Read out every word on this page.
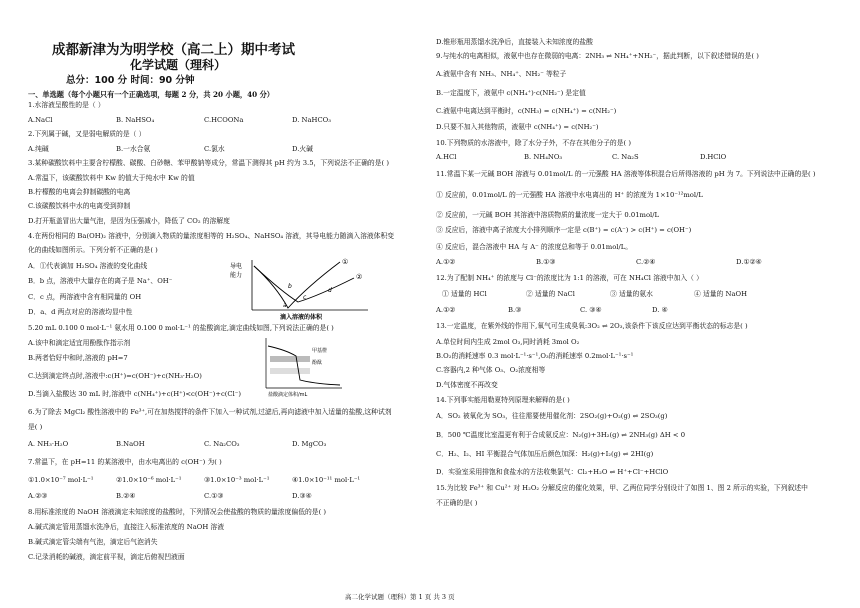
成都新津为为明学校（高二上）期中考试
化学试题（理科）
总分：100 分 时间：90 分钟
一、单选题（每个小题只有一个正确选项，每题 2 分，共 20 小题，40 分）
1.水溶液呈酸性的是（ ）
A.NaCl	B. NaHSO₄	C.HCOONa	D. NaHCO₃
2.下列属于碱，又是弱电解质的是（ ）
A.纯碱	B.一水合氨	C.氯水	D.火碱
3.某种碳酸饮料中主要含柠檬酸、碳酸、白砂糖、苯甲酸钠等成分，常温下测得其 pH 约为 3.5，下列说法不正确的是( )
A.常温下，该碳酸饮料中 Kw 的值大于纯水中 Kw 的值
B.柠檬酸的电离会抑制碳酸的电离
C.该碳酸饮料中水的电离受到抑制
D.打开瓶盖冒出大量气泡，是因为压强减小，降低了 CO₂ 的溶解度
4.在两份相同的 Ba(OH)₂ 溶液中，分别滴入物质的量浓度相等的 H₂SO₄、NaHSO₄ 溶液，其导电能力随滴入溶液体积变
化的曲线如图所示。下列分析不正确的是( )
A．①代表滴加 H₂SO₄ 溶液的变化曲线
B．b 点，溶液中大量存在的离子是 Na⁺、OH⁻
C．c 点，两溶液中含有相同量的 OH
D．a、d 两点对应的溶液均显中性
导电
能力
①
②
a
b
c
d
滴入溶液的体积
5.20 mL 0.100 0 mol·L⁻¹ 氨水用 0.100 0 mol·L⁻¹ 的盐酸滴定,滴定曲线如图,下列说法正确的是( )
A.该中和滴定适宜用酚酞作指示剂
B.两者恰好中和时,溶液的 pH=7
C.达到滴定终点时,溶液中:c(H⁺)=c(OH⁻)+c(NH₃·H₂O)
D.当滴入盐酸达 30 mL 时,溶液中 c(NH₄⁺)+c(H⁺)<c(OH⁻)+c(Cl⁻)
甲基橙
酚酞
盐酸滴定体积/mL
6.为了除去 MgCl₂ 酸性溶液中的 Fe³⁺,可在加热搅拌的条件下加入一种试剂,过滤后,再向滤液中加入适量的盐酸,这种试剂
是( )
A. NH₃·H₂O	B.NaOH	C. Na₂CO₃	D. MgCO₃
7.常温下，在 pH=11 的某溶液中，由水电离出的 c(OH⁻) 为( )
①1.0×10⁻⁷ mol·L⁻¹	②1.0×10⁻⁶ mol·L⁻¹	③1.0×10⁻³ mol·L⁻¹	④1.0×10⁻¹¹ mol·L⁻¹
A.②③	B.②④	C.①③	D.③④
8.用标准浓度的 NaOH 溶液滴定未知浓度的盐酸时，下列情况会使盐酸的物质的量浓度偏低的是( )
A.碱式滴定管用蒸馏水洗净后，直接注入标准浓度的 NaOH 溶液
B.碱式滴定管尖端有气泡，滴定后气泡消失
C.记录消耗的碱液，滴定前平视，滴定后俯视凹液面
D.锥形瓶用蒸馏水洗净后，直接装入未知浓度的盐酸
9.与纯水的电离相似，液氨中也存在微弱的电离：2NH₃ ⇌ NH₄⁺+NH₂⁻，据此判断，以下叙述错误的是( )
A.液氨中含有 NH₃、NH₄⁺、NH₂⁻ 等粒子
B.一定温度下，液氨中 c(NH₄⁺)·c(NH₂⁻) 是定值
C.液氨中电离达到平衡时，c(NH₃) = c(NH₄⁺) = c(NH₂⁻)
D.只要不加入其他物质，液氨中 c(NH₄⁺) = c(NH₂⁻)
10.下列物质的水溶液中，除了水分子外，不存在其他分子的是( )
A.HCl	B. NH₄NO₃	C. Na₂S	D.HClO
11.常温下某一元碱 BOH 溶液与 0.01mol/L 的一元强酸 HA 溶液等体积混合后所得溶液的 pH 为 7。下列说法中正确的是( )
① 反应前，0.01mol/L 的一元强酸 HA 溶液中水电离出的 H⁺ 的浓度为 1×10⁻¹²mol/L
② 反应前，一元碱 BOH 其溶液中溶质物质的量浓度一定大于 0.01mol/L
③ 反应后，溶液中离子浓度大小排列顺序一定是 c(B⁺) = c(A⁻) > c(H⁺) = c(OH⁻)
④ 反应后，混合溶液中 HA 与 A⁻ 的浓度总和等于 0.01mol/L。
A.①②	B.①③	C.②④	D.①②④
12.为了配制 NH₄⁺ 的浓度与 Cl⁻的浓度比为 1:1 的溶液，可在 NH₄Cl 溶液中加入（ ）
① 适量的 HCl	② 适量的 NaCl	③ 适量的氨水	④ 适量的 NaOH
A.①②	B.③	C. ③④	D. ④
13.一定温度，在紫外线的作用下,氧气可生成臭氧:3O₂ ⇌ 2O₃,该条件下该反应达到平衡状态的标志是( )
A.单位时间内生成 2mol O₃,同时消耗 3mol O₂
B.O₂的消耗速率 0.3 mol·L⁻¹·s⁻¹,O₃的消耗速率 0.2mol·L⁻¹·s⁻¹
C.容器内,2 种气体 O₃、O₂浓度相等
D.气体密度不再改变
14.下列事实能用勒夏特列原理来解释的是( )
A．SO₂ 被氧化为 SO₃，往往需要使用催化剂：2SO₂(g)+O₂(g) ⇌ 2SO₃(g)
B．500 ℃温度比室温更有利于合成氨反应：N₂(g)+3H₂(g) ⇌ 2NH₃(g) ΔH < 0
C．H₂、I₂、HI 平衡混合气体加压后颜色加深：H₂(g)+I₂(g) ⇌ 2HI(g)
D．实验室采用排饱和食盐水的方法收集氯气：Cl₂+H₂O ⇌ H⁺+Cl⁻+HClO
15.为比较 Fe³⁺ 和 Cu²⁺ 对 H₂O₂ 分解反应的催化效果，甲、乙两位同学分别设计了如图 1、图 2 所示的实验，下列叙述中
不正确的是( )
高二化学试题（理科）第 1 页 共 3 页
